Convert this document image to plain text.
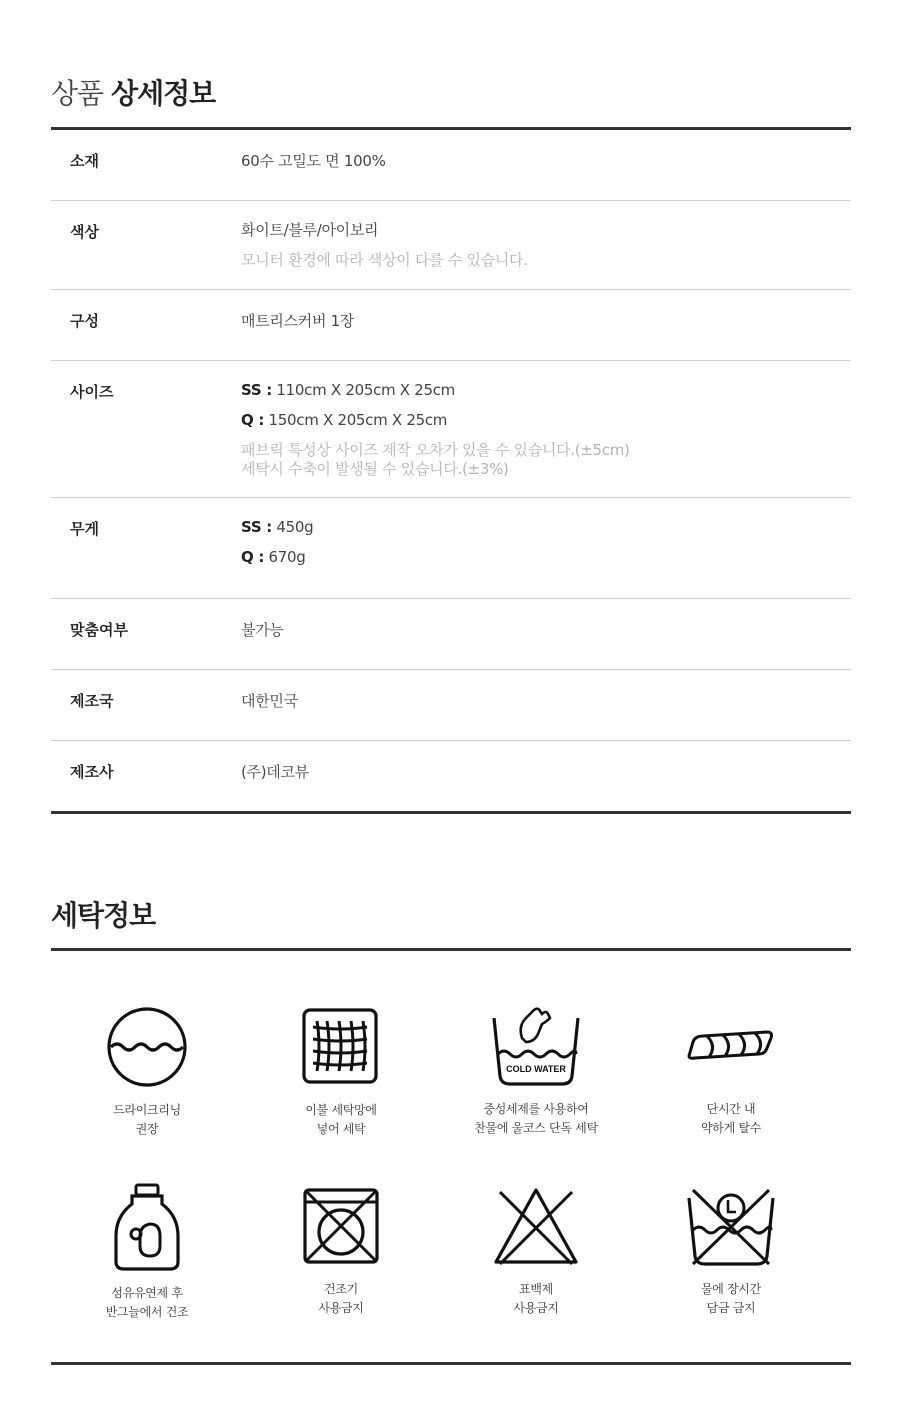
상품 상세정보
소재	60수 고밀도 면 100%
색상	화이트/블루/아이보리
모니터 환경에 따라 색상이 다를 수 있습니다.
구성	매트리스커버 1장
사이즈	SS : 110cm X 205cm X 25cm
Q : 150cm X 205cm X 25cm
패브릭 특성상 사이즈 제작 오차가 있을 수 있습니다.(±5cm)
세탁시 수축이 발생될 수 있습니다.(±3%)
무게	SS : 450g
Q : 670g
맞춤여부	불가능
제조국	대한민국
제조사	(주)데코뷰
세탁정보
드라이크리닝
권장
이불 세탁망에
넣어 세탁
COLD WATER
중성세제를 사용하여
찬물에 울코스 단독 세탁
단시간 내
약하게 탈수
섬유유연제 후
반그늘에서 건조
건조기
사용금지
표백제
사용금지
물에 장시간
담금 금지
